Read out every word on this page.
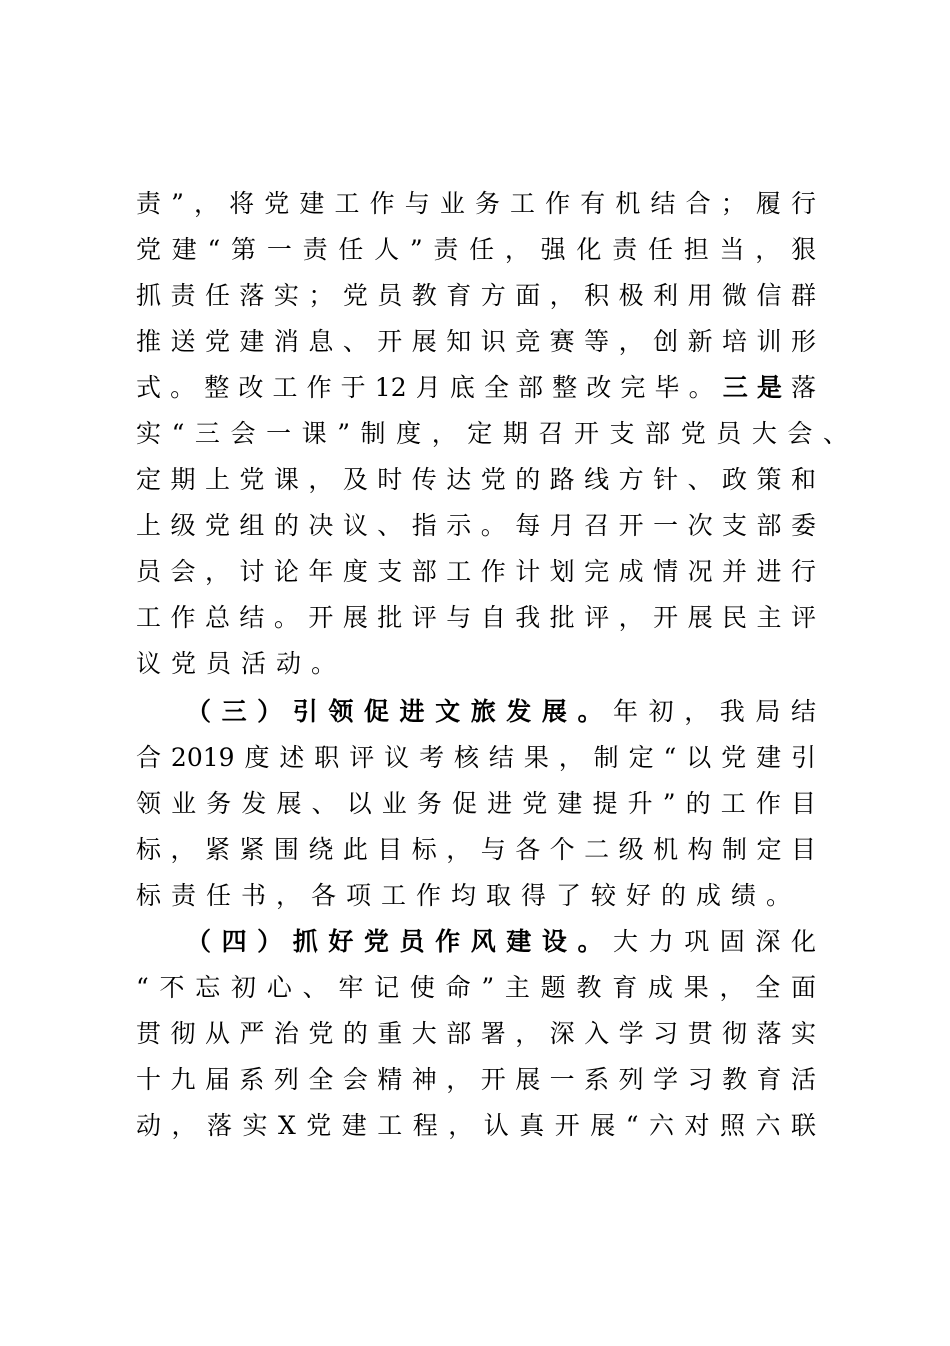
责”，将党建工作与业务工作有机结合；履行
党建“第一责任人”责任，强化责任担当，狠
抓责任落实；党员教育方面，积极利用微信群
推送党建消息、开展知识竞赛等，创新培训形
式。整改工作于12月底全部整改完毕。三是落
实“三会一课”制度，定期召开支部党员大会、
定期上党课，及时传达党的路线方针、政策和
上级党组的决议、指示。每月召开一次支部委
员会，讨论年度支部工作计划完成情况并进行
工作总结。开展批评与自我批评，开展民主评
议党员活动。
（三）引领促进文旅发展。年初，我局结
合2019度述职评议考核结果，制定“以党建引
领业务发展、以业务促进党建提升”的工作目
标，紧紧围绕此目标，与各个二级机构制定目
标责任书，各项工作均取得了较好的成绩。
（四）抓好党员作风建设。大力巩固深化
“不忘初心、牢记使命”主题教育成果，全面
贯彻从严治党的重大部署，深入学习贯彻落实
十九届系列全会精神，开展一系列学习教育活
动，落实X党建工程，认真开展“六对照六联
